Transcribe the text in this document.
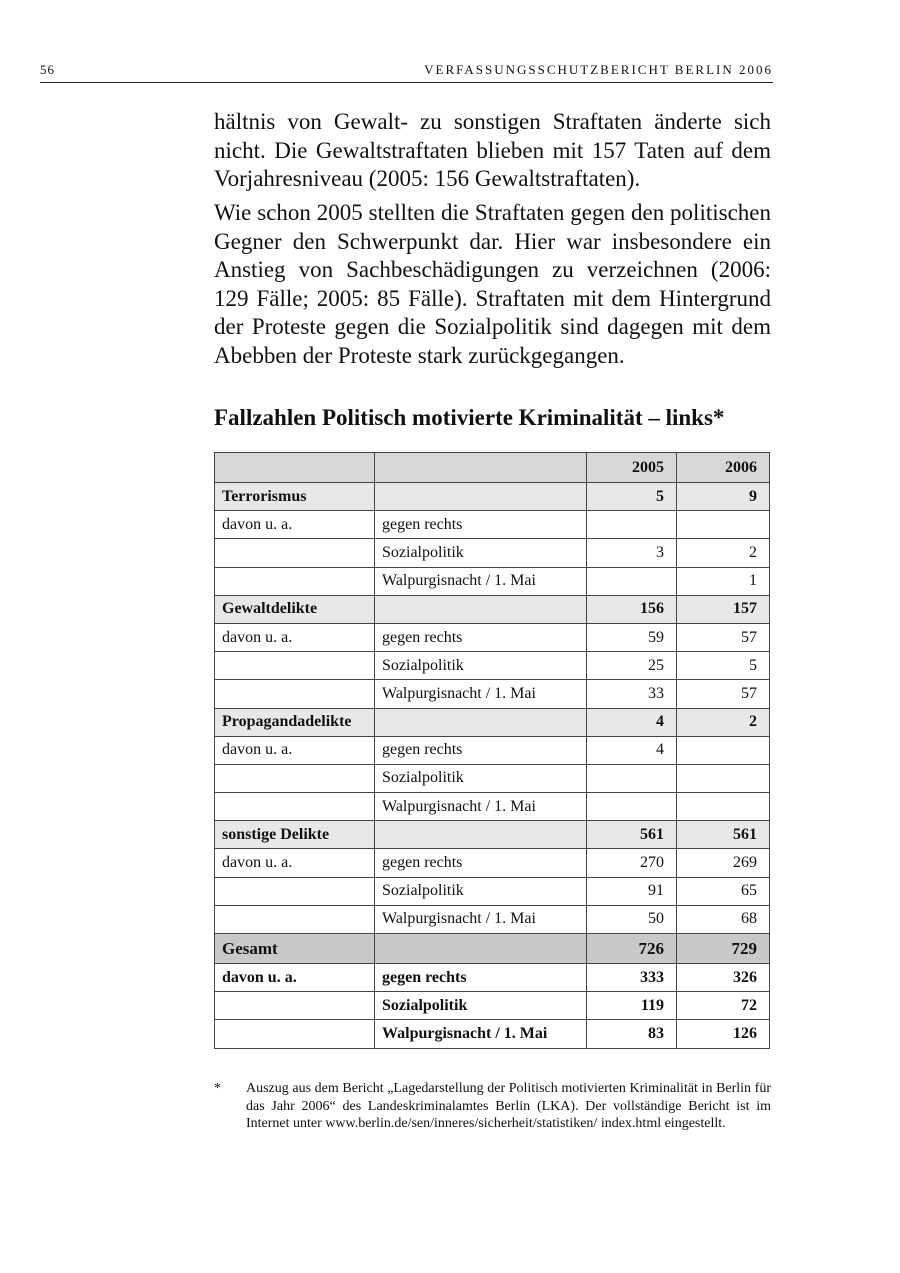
56	VERFASSUNGSSCHUTZBERICHT BERLIN 2006

hältnis von Gewalt- zu sonstigen Straftaten änderte sich nicht. Die Gewaltstraftaten blieben mit 157 Taten auf dem Vorjahresniveau (2005: 156 Gewaltstraftaten).

Wie schon 2005 stellten die Straftaten gegen den politischen Gegner den Schwerpunkt dar. Hier war insbesondere ein Anstieg von Sachbeschädigungen zu verzeichnen (2006: 129 Fälle; 2005: 85 Fälle). Straftaten mit dem Hintergrund der Proteste gegen die Sozialpolitik sind dagegen mit dem Abebben der Proteste stark zurückgegangen.

Fallzahlen Politisch motivierte Kriminalität – links*
		2005	2006
Terrorismus		5	9
davon u. a.	gegen rechts		
	Sozialpolitik	3	2
	Walpurgisnacht / 1. Mai		1
Gewaltdelikte		156	157
davon u. a.	gegen rechts	59	57
	Sozialpolitik	25	5
	Walpurgisnacht / 1. Mai	33	57
Propagandadelikte		4	2
davon u. a.	gegen rechts	4	
	Sozialpolitik		
	Walpurgisnacht / 1. Mai		
sonstige Delikte		561	561
davon u. a.	gegen rechts	270	269
	Sozialpolitik	91	65
	Walpurgisnacht / 1. Mai	50	68
Gesamt		726	729
davon u. a.	gegen rechts	333	326
	Sozialpolitik	119	72
	Walpurgisnacht / 1. Mai	83	126
* Auszug aus dem Bericht „Lagedarstellung der Politisch motivierten Kriminalität in Berlin für das Jahr 2006“ des Landeskriminalamtes Berlin (LKA). Der vollständige Bericht ist im Internet unter www.berlin.de/sen/inneres/sicherheit/statistiken/ index.html eingestellt.
